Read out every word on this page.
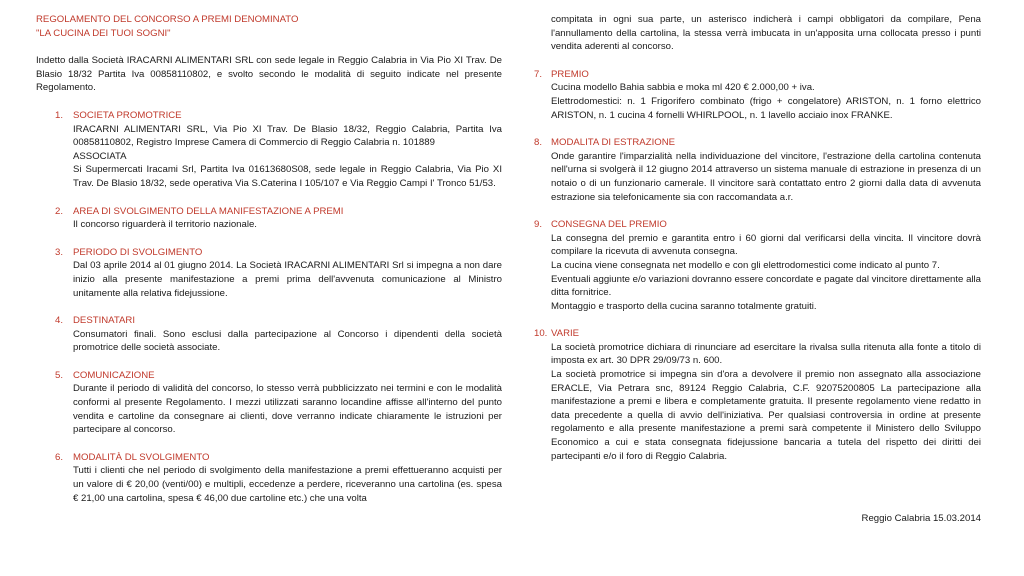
REGOLAMENTO DEL CONCORSO A PREMI DENOMINATO

"LA CUCINA DEI TUOI SOGNI"

Indetto dalla Società IRACARNI ALIMENTARI SRL con sede legale in Reggio Calabria in Via Pio XI Trav. De Blasio 18/32 Partita Iva 00858110802, e svolto secondo le modalità di seguito indicate nel presente Regolamento.

1. SOCIETA PROMOTRICE

IRACARNI ALIMENTARI SRL, Via Pio XI Trav. De Blasio 18/32, Reggio Calabria, Partita Iva 00858110802, Registro Imprese Camera di Commercio di Reggio Calabria n. 101889

ASSOCIATA

Si Supermercati Iracami Srl, Partita Iva 01613680S08, sede legale in Reggio Calabria, Via Pio XI Trav. De Blasio 18/32, sede operativa Via S.Caterina I 105/107 e Via Reggio Campi I' Tronco 51/53.

2. AREA DI SVOLGIMENTO DELLA MANIFESTAZIONE A PREMI

Il concorso riguarderà il territorio nazionale.

3. PERIODO DI SVOLGIMENTO

Dal 03 aprile 2014 al 01 giugno 2014. La Società IRACARNI ALIMENTARI Srl si impegna a non dare inizio alla presente manifestazione a premi prima dell'avvenuta comunicazione al Ministro unitamente alla relativa fidejussione.

4. DESTINATARI

Consumatori finali. Sono esclusi dalla partecipazione al Concorso i dipendenti della società promotrice delle società associate.

5. COMUNICAZIONE

Durante il periodo di validità del concorso, lo stesso verrà pubblicizzato nei termini e con le modalità conformi al presente Regolamento. I mezzi utilizzati saranno locandine affisse all'interno del punto vendita e cartoline da consegnare ai clienti, dove verranno indicate chiaramente le istruzioni per partecipare al concorso.

6. MODALITÀ DL SVOLGIMENTO

Tutti i clienti che nel periodo di svolgimento della manifestazione a premi effettueranno acquisti per un valore di € 20,00 (venti/00) e multipli, eccedenze a perdere, riceveranno una cartolina (es. spesa € 21,00 una cartolina, spesa € 46,00 due cartoline etc.) che una volta

compitata in ogni sua parte, un asterisco indicherà i campi obbligatori da compilare, Pena l'annullamento della cartolina, la stessa verrà imbucata in un'apposita urna collocata presso i punti vendita aderenti al concorso.

7. PREMIO

Cucina modello Bahia sabbia e moka ml 420 € 2.000,00 + iva.

Elettrodomestici: n. 1 Frigorifero combinato (frigo + congelatore) ARISTON, n. 1 forno elettrico ARISTON, n. 1 cucina 4 fornelli WHIRLPOOL, n. 1 lavello acciaio inox FRANKE.

8. MODALITA DI ESTRAZIONE

Onde garantire l'imparzialità nella individuazione del vincitore, l'estrazione della cartolina contenuta nell'urna si svolgerà il 12 giugno 2014 attraverso un sistema manuale di estrazione in presenza di un notaio o di un funzionario camerale. Il vincitore sarà contattato entro 2 giorni dalla data di avvenuta estrazione sia telefonicamente sia con raccomandata a.r.

9. CONSEGNA DEL PREMIO

La consegna del premio e garantita entro i 60 giorni dal verificarsi della vincita. Il vincitore dovrà compilare la ricevuta di avvenuta consegna.

La cucina viene consegnata net modello e con gli elettrodomestici come indicato al punto 7.

Eventuali aggiunte e/o variazioni dovranno essere concordate e pagate dal vincitore direttamente alla ditta fornitrice.

Montaggio e trasporto della cucina saranno totalmente gratuiti.

10. VARIE

La società promotrice dichiara di rinunciare ad esercitare la rivalsa sulla ritenuta alla fonte a titolo di imposta ex art. 30 DPR 29/09/73 n. 600.

La società promotrice si impegna sin d'ora a devolvere il premio non assegnato alla associazione ERACLE, Via Petrara snc, 89124 Reggio Calabria, C.F. 92075200805 La partecipazione alla manifestazione a premi e libera e completamente gratuita. Il presente regolamento viene redatto in data precedente a quella di avvio dell'iniziativa. Per qualsiasi controversia in ordine at presente regolamento e alla presente manifestazione a premi sarà competente il Ministero dello Sviluppo Economico a cui e stata consegnata fidejussione bancaria a tutela del rispetto dei diritti dei partecipanti e/o il foro di Reggio Calabria.

Reggio Calabria 15.03.2014
